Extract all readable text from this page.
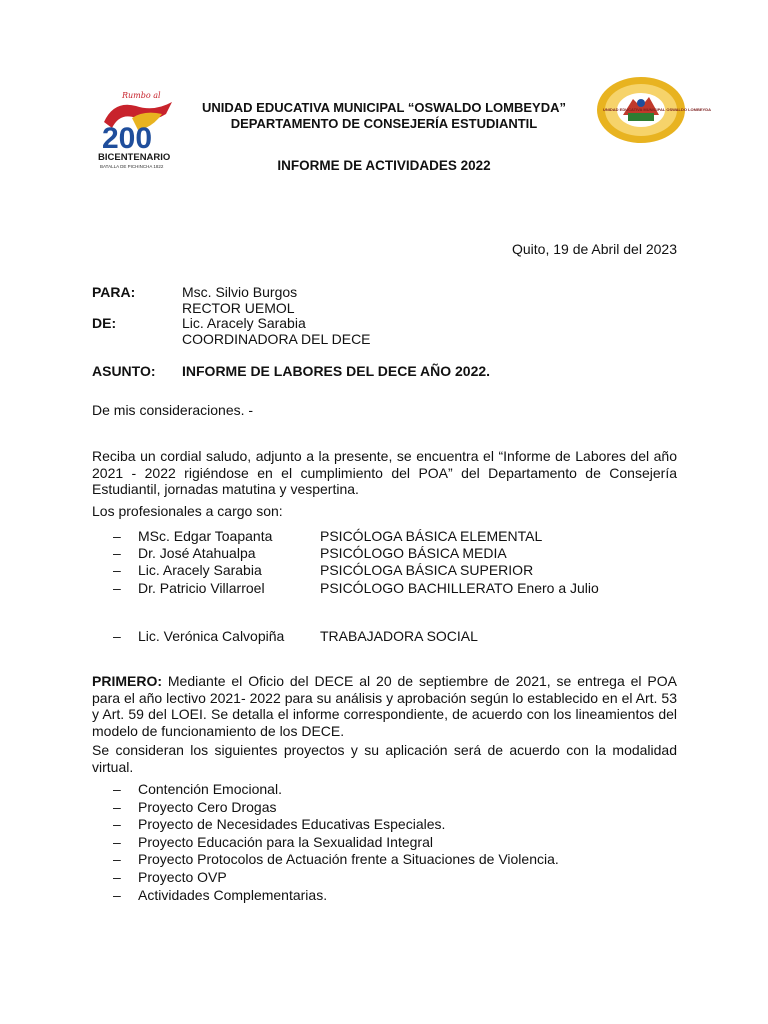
Rumbo al
200
BICENTENARIO
BATALLA DE PICHINCHA 1822
UNIDAD EDUCATIVA MUNICIPAL OSWALDO LOMBEYDA
UNIDAD EDUCATIVA MUNICIPAL “OSWALDO LOMBEYDA”
DEPARTAMENTO DE CONSEJERÍA ESTUDIANTIL
INFORME DE ACTIVIDADES 2022
Quito, 19 de Abril del 2023
PARA:	Msc. Silvio Burgos
RECTOR UEMOL
DE:	Lic. Aracely Sarabia
COORDINADORA DEL DECE
ASUNTO: INFORME DE LABORES DEL DECE AÑO 2022.
De mis consideraciones. -
Reciba un cordial saludo, adjunto a la presente, se encuentra el “Informe de Labores del año 2021 - 2022 rigiéndose en el cumplimiento del POA” del Departamento de Consejería Estudiantil, jornadas matutina y vespertina.
Los profesionales a cargo son:
– MSc. Edgar Toapanta	PSICÓLOGA BÁSICA ELEMENTAL
– Dr. José Atahualpa	PSICÓLOGO BÁSICA MEDIA
– Lic. Aracely Sarabia	PSICÓLOGA BÁSICA SUPERIOR
– Dr. Patricio Villarroel	PSICÓLOGO BACHILLERATO Enero a Julio
– Lic. Verónica Calvopiña	TRABAJADORA SOCIAL
PRIMERO: Mediante el Oficio del DECE al 20 de septiembre de 2021, se entrega el POA para el año lectivo 2021- 2022 para su análisis y aprobación según lo establecido en el Art. 53 y Art. 59 del LOEI. Se detalla el informe correspondiente, de acuerdo con los lineamientos del modelo de funcionamiento de los DECE.
Se consideran los siguientes proyectos y su aplicación será de acuerdo con la modalidad virtual.
– Contención Emocional.
– Proyecto Cero Drogas
– Proyecto de Necesidades Educativas Especiales.
– Proyecto Educación para la Sexualidad Integral
– Proyecto Protocolos de Actuación frente a Situaciones de Violencia.
– Proyecto OVP
– Actividades Complementarias.
